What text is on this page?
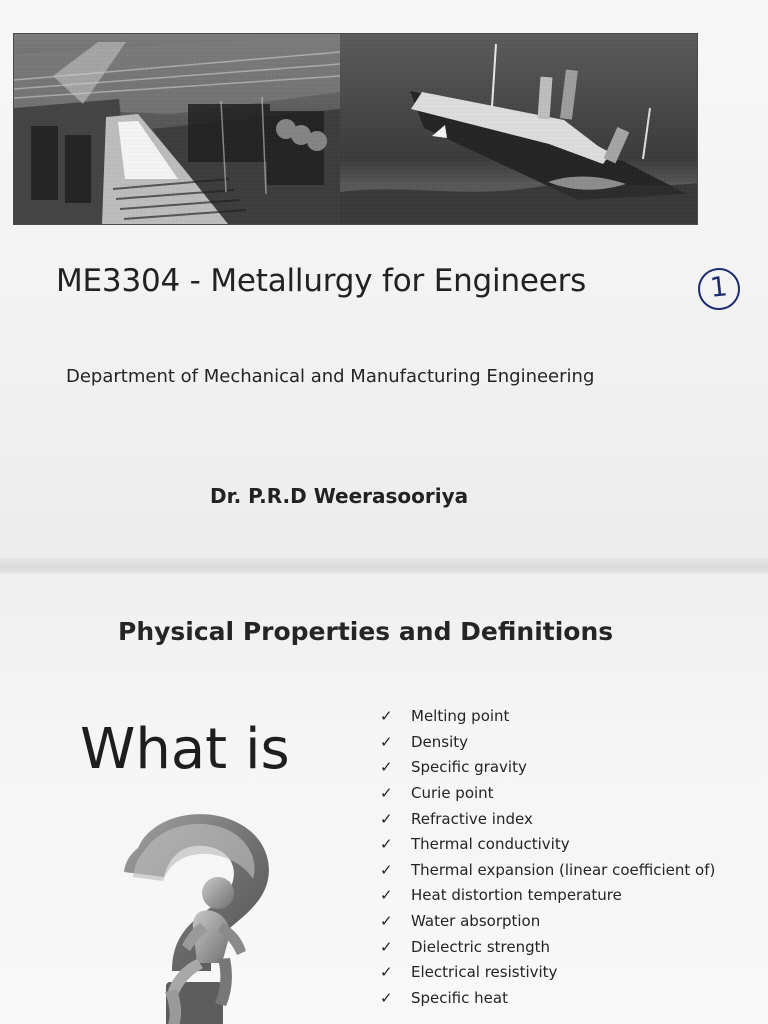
ME3304 - Metallurgy for Engineers	1
Department of Mechanical and Manufacturing Engineering
Dr. P.R.D Weerasooriya
Physical Properties and Definitions
What is
✓	Melting point
✓	Density
✓	Specific gravity
✓	Curie point
✓	Refractive index
✓	Thermal conductivity
✓	Thermal expansion (linear coefficient of)
✓	Heat distortion temperature
✓	Water absorption
✓	Dielectric strength
✓	Electrical resistivity
✓	Specific heat
